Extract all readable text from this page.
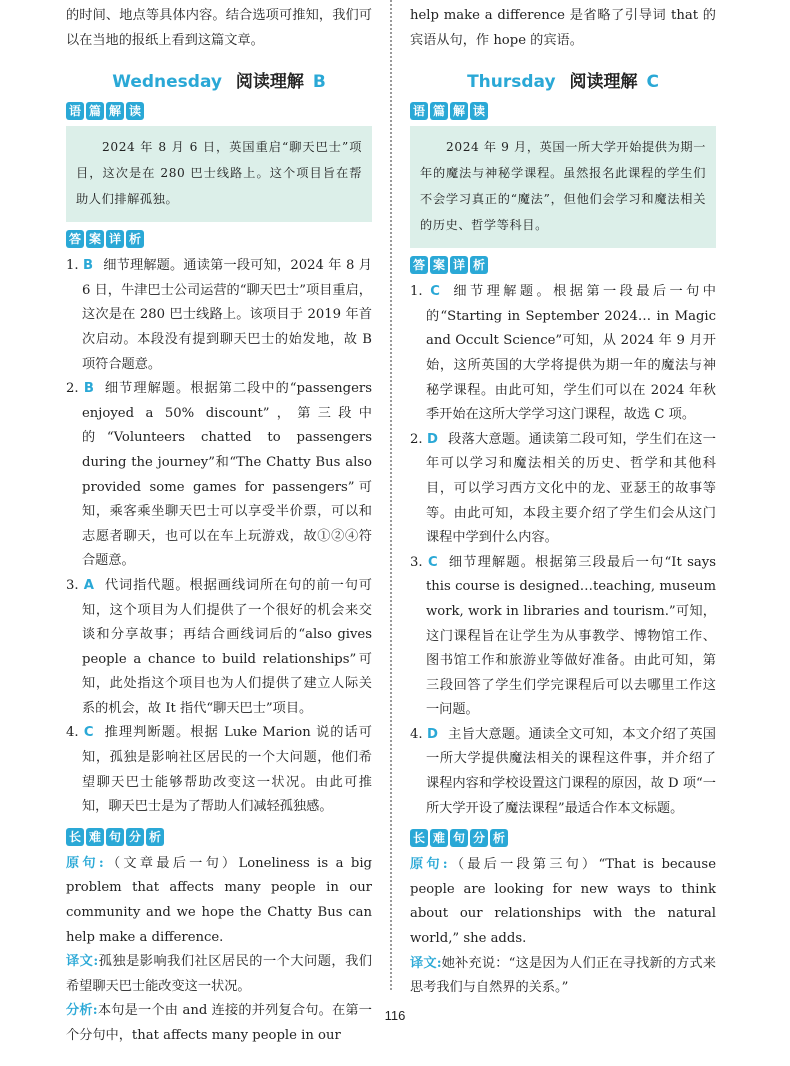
的时间、地点等具体内容。结合选项可推知，我们可以在当地的报纸上看到这篇文章。

Wednesday 阅读理解 B
语 篇 解 读
2024 年 8 月 6 日，英国重启“聊天巴士”项目，这次是在 280 巴士线路上。这个项目旨在帮助人们排解孤独。
答 案 详 析

1. B 细节理解题。通读第一段可知，2024 年 8 月 6 日，牛津巴士公司运营的“聊天巴士”项目重启，这次是在 280 巴士线路上。该项目于 2019 年首次启动。本段没有提到聊天巴士的始发地，故 B 项符合题意。

2. B 细节理解题。根据第二段中的“passengers enjoyed a 50% discount”，第三段中的“Volunteers chatted to passengers during the journey”和“The Chatty Bus also provided some games for passengers”可知，乘客乘坐聊天巴士可以享受半价票，可以和志愿者聊天，也可以在车上玩游戏，故①②④符合题意。

3. A 代词指代题。根据画线词所在句的前一句可知，这个项目为人们提供了一个很好的机会来交谈和分享故事；再结合画线词后的“also gives people a chance to build relationships”可知，此处指这个项目也为人们提供了建立人际关系的机会，故 It 指代“聊天巴士”项目。

4. C 推理判断题。根据 Luke Marion 说的话可知，孤独是影响社区居民的一个大问题，他们希望聊天巴士能够帮助改变这一状况。由此可推知，聊天巴士是为了帮助人们减轻孤独感。

长 难 句 分 析

原句:（文章最后一句）Loneliness is a big problem that affects many people in our community and we hope the Chatty Bus can help make a difference.

译文:孤独是影响我们社区居民的一个大问题，我们希望聊天巴士能改变这一状况。

分析:本句是一个由 and 连接的并列复合句。在第一个分句中，that affects many people in our

help make a difference 是省略了引导词 that 的宾语从句，作 hope 的宾语。

Thursday 阅读理解 C
语 篇 解 读
2024 年 9 月，英国一所大学开始提供为期一年的魔法与神秘学课程。虽然报名此课程的学生们不会学习真正的“魔法”，但他们会学习和魔法相关的历史、哲学等科目。
答 案 详 析

1. C 细节理解题。根据第一段最后一句中的“Starting in September 2024… in Magic and Occult Science”可知，从 2024 年 9 月开始，这所英国的大学将提供为期一年的魔法与神秘学课程。由此可知，学生们可以在 2024 年秋季开始在这所大学学习这门课程，故选 C 项。

2. D 段落大意题。通读第二段可知，学生们在这一年可以学习和魔法相关的历史、哲学和其他科目，可以学习西方文化中的龙、亚瑟王的故事等等。由此可知，本段主要介绍了学生们会从这门课程中学到什么内容。

3. C 细节理解题。根据第三段最后一句“It says this course is designed…teaching, museum work, work in libraries and tourism.”可知，这门课程旨在让学生为从事教学、博物馆工作、图书馆工作和旅游业等做好准备。由此可知，第三段回答了学生们学完课程后可以去哪里工作这一问题。

4. D 主旨大意题。通读全文可知，本文介绍了英国一所大学提供魔法相关的课程这件事，并介绍了课程内容和学校设置这门课程的原因，故 D 项“一所大学开设了魔法课程”最适合作本文标题。

长 难 句 分 析

原句:（最后一段第三句）“That is because people are looking for new ways to think about our relationships with the natural world,” she adds.

译文:她补充说：“这是因为人们正在寻找新的方式来思考我们与自然界的关系。”

116
